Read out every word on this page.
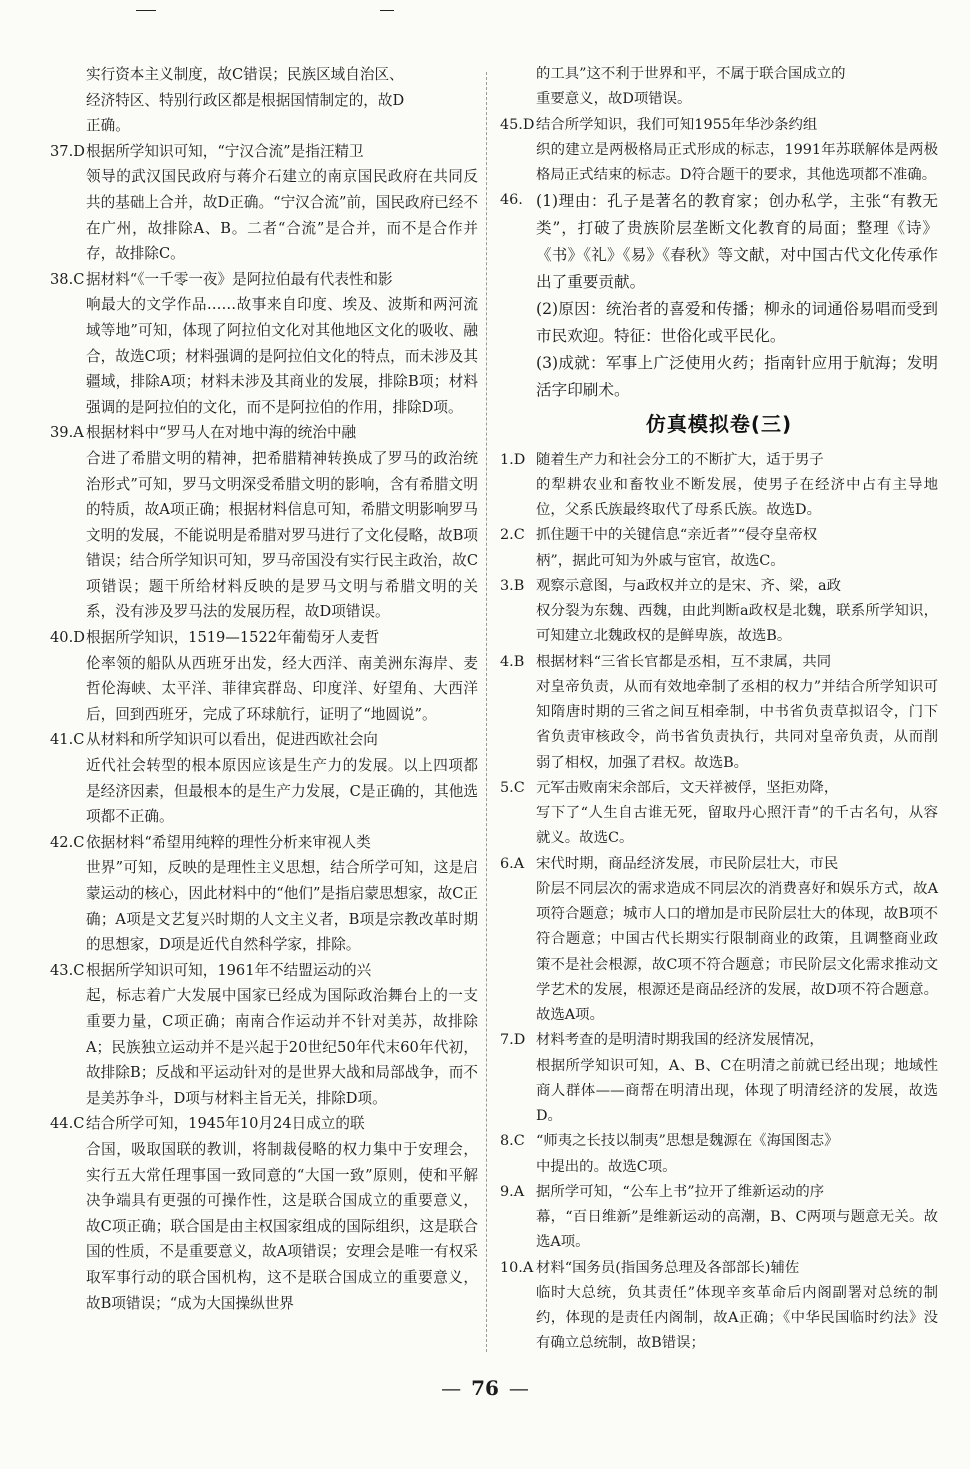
实行资本主义制度，故C错误；民族区域自治区、
经济特区、特别行政区都是根据国情制定的，故D
正确。
37.D 根据所学知识可知，“宁汉合流”是指汪精卫
领导的武汉国民政府与蒋介石建立的南京国民政府在共同反共的基础上合并，故D正确。“宁汉合流”前，国民政府已经不在广州，故排除A、B。二者“合流”是合并，而不是合作并存，故排除C。
38.C 据材料“《一千零一夜》是阿拉伯最有代表性和影
响最大的文学作品……故事来自印度、埃及、波斯和两河流域等地”可知，体现了阿拉伯文化对其他地区文化的吸收、融合，故选C项；材料强调的是阿拉伯文化的特点，而未涉及其疆域，排除A项；材料未涉及其商业的发展，排除B项；材料强调的是阿拉伯的文化，而不是阿拉伯的作用，排除D项。
39.A 根据材料中“罗马人在对地中海的统治中融
合进了希腊文明的精神，把希腊精神转换成了罗马的政治统治形式”可知，罗马文明深受希腊文明的影响，含有希腊文明的特质，故A项正确；根据材料信息可知，希腊文明影响罗马文明的发展，不能说明是希腊对罗马进行了文化侵略，故B项错误；结合所学知识可知，罗马帝国没有实行民主政治，故C项错误；题干所给材料反映的是罗马文明与希腊文明的关系，没有涉及罗马法的发展历程，故D项错误。
40.D 根据所学知识，1519—1522年葡萄牙人麦哲
伦率领的船队从西班牙出发，经大西洋、南美洲东海岸、麦哲伦海峡、太平洋、菲律宾群岛、印度洋、好望角、大西洋后，回到西班牙，完成了环球航行，证明了“地圆说”。
41.C 从材料和所学知识可以看出，促进西欧社会向
近代社会转型的根本原因应该是生产力的发展。以上四项都是经济因素，但最根本的是生产力发展，C是正确的，其他选项都不正确。
42.C 依据材料“希望用纯粹的理性分析来审视人类
世界”可知，反映的是理性主义思想，结合所学可知，这是启蒙运动的核心，因此材料中的“他们”是指启蒙思想家，故C正确；A项是文艺复兴时期的人文主义者，B项是宗教改革时期的思想家，D项是近代自然科学家，排除。
43.C 根据所学知识可知，1961年不结盟运动的兴
起，标志着广大发展中国家已经成为国际政治舞台上的一支重要力量，C项正确；南南合作运动并不针对美苏，故排除A；民族独立运动并不是兴起于20世纪50年代末60年代初，故排除B；反战和平运动针对的是世界大战和局部战争，而不是美苏争斗，D项与材料主旨无关，排除D项。
44.C 结合所学可知，1945年10月24日成立的联
合国，吸取国联的教训，将制裁侵略的权力集中于安理会，实行五大常任理事国一致同意的“大国一致”原则，使和平解决争端具有更强的可操作性，这是联合国成立的重要意义，故C项正确；联合国是由主权国家组成的国际组织，这是联合国的性质，不是重要意义，故A项错误；安理会是唯一有权采取军事行动的联合国机构，这不是联合国成立的重要意义，故B项错误；“成为大国操纵世界
的工具”这不利于世界和平，不属于联合国成立的
重要意义，故D项错误。
45.D 结合所学知识，我们可知1955年华沙条约组
织的建立是两极格局正式形成的标志，1991年苏联解体是两极格局正式结束的标志。D符合题干的要求，其他选项都不准确。
46. (1)理由：孔子是著名的教育家；创办私学，主张“有教无类”，打破了贵族阶层垄断文化教育的局面；整理《诗》《书》《礼》《易》《春秋》等文献，对中国古代文化传承作出了重要贡献。
(2)原因：统治者的喜爱和传播；柳永的词通俗易唱而受到市民欢迎。特征：世俗化或平民化。
(3)成就：军事上广泛使用火药；指南针应用于航海；发明活字印刷术。
仿真模拟卷(三)
1.D 随着生产力和社会分工的不断扩大，适于男子
的犁耕农业和畜牧业不断发展，使男子在经济中占有主导地位，父系氏族最终取代了母系氏族。故选D。
2.C 抓住题干中的关键信息“亲近者”“侵夺皇帝权
柄”，据此可知为外戚与宦官，故选C。
3.B 观察示意图，与a政权并立的是宋、齐、梁，a政
权分裂为东魏、西魏，由此判断a政权是北魏，联系所学知识，可知建立北魏政权的是鲜卑族，故选B。
4.B 根据材料“三省长官都是丞相，互不隶属，共同
对皇帝负责，从而有效地牵制了丞相的权力”并结合所学知识可知隋唐时期的三省之间互相牵制，中书省负责草拟诏令，门下省负责审核政令，尚书省负责执行，共同对皇帝负责，从而削弱了相权，加强了君权。故选B。
5.C 元军击败南宋余部后，文天祥被俘，坚拒劝降，
写下了“人生自古谁无死，留取丹心照汗青”的千古名句，从容就义。故选C。
6.A 宋代时期，商品经济发展，市民阶层壮大，市民
阶层不同层次的需求造成不同层次的消费喜好和娱乐方式，故A项符合题意；城市人口的增加是市民阶层壮大的体现，故B项不符合题意；中国古代长期实行限制商业的政策，且调整商业政策不是社会根源，故C项不符合题意；市民阶层文化需求推动文学艺术的发展，根源还是商品经济的发展，故D项不符合题意。故选A项。
7.D 材料考查的是明清时期我国的经济发展情况，
根据所学知识可知，A、B、C在明清之前就已经出现；地域性商人群体——商帮在明清出现，体现了明清经济的发展，故选D。
8.C “师夷之长技以制夷”思想是魏源在《海国图志》
中提出的。故选C项。
9.A 据所学可知，“公车上书”拉开了维新运动的序
幕，“百日维新”是维新运动的高潮，B、C两项与题意无关。故选A项。
10.A 材料“国务员(指国务总理及各部部长)辅佐
临时大总统，负其责任”体现辛亥革命后内阁副署对总统的制约，体现的是责任内阁制，故A正确；《中华民国临时约法》没有确立总统制，故B错误；
— 76 —
